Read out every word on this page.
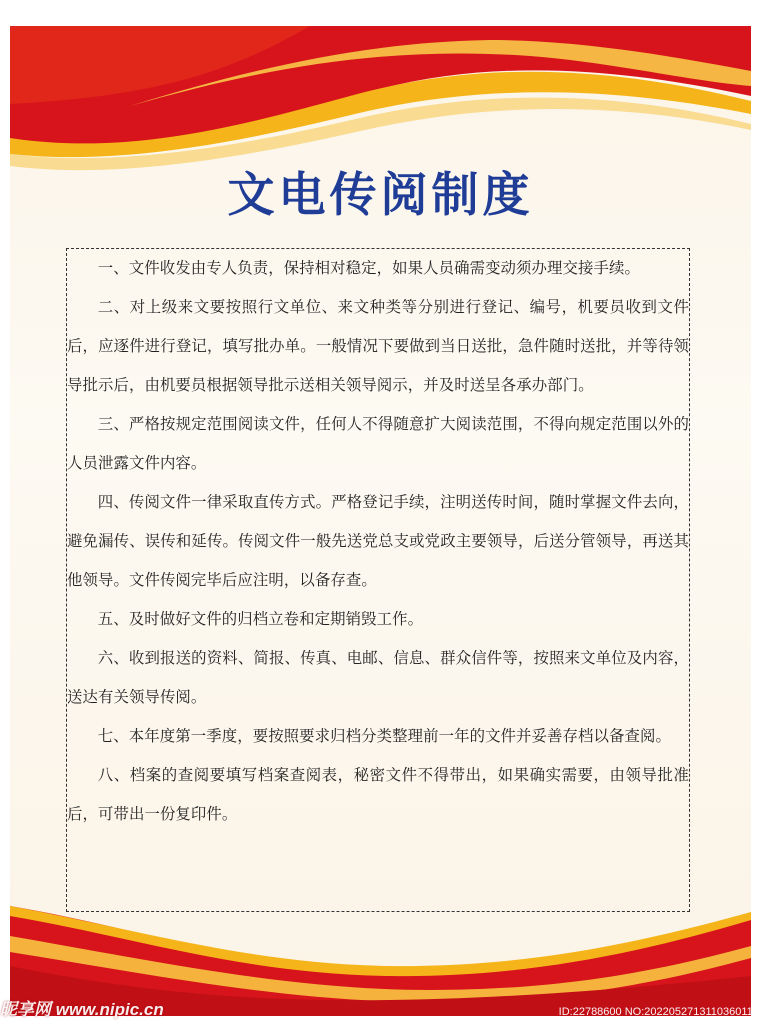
文电传阅制度

一、文件收发由专人负责，保持相对稳定，如果人员确需变动须办理交接手续。

二、对上级来文要按照行文单位、来文种类等分别进行登记、编号，机要员收到文件后，应逐件进行登记，填写批办单。一般情况下要做到当日送批，急件随时送批，并等待领导批示后，由机要员根据领导批示送相关领导阅示，并及时送呈各承办部门。

三、严格按规定范围阅读文件，任何人不得随意扩大阅读范围，不得向规定范围以外的人员泄露文件内容。

四、传阅文件一律采取直传方式。严格登记手续，注明送传时间，随时掌握文件去向，避免漏传、误传和延传。传阅文件一般先送党总支或党政主要领导，后送分管领导，再送其他领导。文件传阅完毕后应注明，以备存查。

五、及时做好文件的归档立卷和定期销毁工作。

六、收到报送的资料、简报、传真、电邮、信息、群众信件等，按照来文单位及内容，送达有关领导传阅。

七、本年度第一季度，要按照要求归档分类整理前一年的文件并妥善存档以备查阅。

八、档案的查阅要填写档案查阅表，秘密文件不得带出，如果确实需要，由领导批准后，可带出一份复印件。

昵享网 www.nipic.cn	ID:22788600 NO:20220527131103601106
